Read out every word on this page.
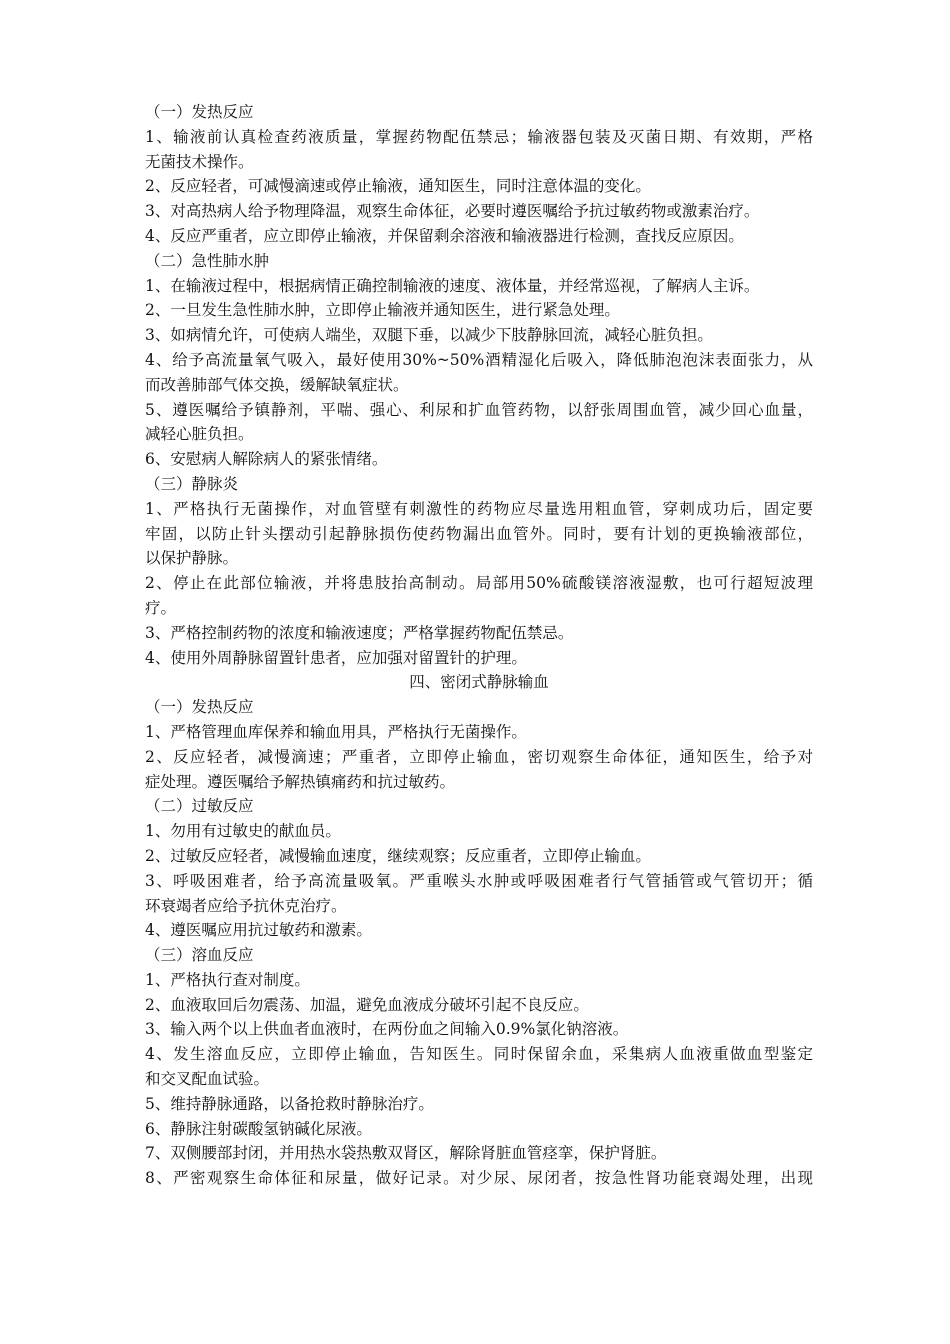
（一）发热反应
1、输液前认真检查药液质量，掌握药物配伍禁忌；输液器包装及灭菌日期、有效期，严格
无菌技术操作。
2、反应轻者，可减慢滴速或停止输液，通知医生，同时注意体温的变化。
3、对高热病人给予物理降温，观察生命体征，必要时遵医嘱给予抗过敏药物或激素治疗。
4、反应严重者，应立即停止输液，并保留剩余溶液和输液器进行检测，查找反应原因。
（二）急性肺水肿
1、在输液过程中，根据病情正确控制输液的速度、液体量，并经常巡视，了解病人主诉。
2、一旦发生急性肺水肿，立即停止输液并通知医生，进行紧急处理。
3、如病情允许，可使病人端坐，双腿下垂，以减少下肢静脉回流，减轻心脏负担。
4、给予高流量氧气吸入，最好使用30%~50%酒精湿化后吸入，降低肺泡泡沫表面张力，从
而改善肺部气体交换，缓解缺氧症状。
5、遵医嘱给予镇静剂，平喘、强心、利尿和扩血管药物，以舒张周围血管，减少回心血量，
减轻心脏负担。
6、安慰病人解除病人的紧张情绪。
（三）静脉炎
1、严格执行无菌操作，对血管壁有刺激性的药物应尽量选用粗血管，穿刺成功后，固定要
牢固，以防止针头摆动引起静脉损伤使药物漏出血管外。同时，要有计划的更换输液部位，
以保护静脉。
2、停止在此部位输液，并将患肢抬高制动。局部用50%硫酸镁溶液湿敷，也可行超短波理
疗。
3、严格控制药物的浓度和输液速度；严格掌握药物配伍禁忌。
4、使用外周静脉留置针患者，应加强对留置针的护理。
四、密闭式静脉输血
（一）发热反应
1、严格管理血库保养和输血用具，严格执行无菌操作。
2、反应轻者，减慢滴速；严重者，立即停止输血，密切观察生命体征，通知医生，给予对
症处理。遵医嘱给予解热镇痛药和抗过敏药。
（二）过敏反应
1、勿用有过敏史的献血员。
2、过敏反应轻者，减慢输血速度，继续观察；反应重者，立即停止输血。
3、呼吸困难者，给予高流量吸氧。严重喉头水肿或呼吸困难者行气管插管或气管切开；循
环衰竭者应给予抗休克治疗。
4、遵医嘱应用抗过敏药和激素。
（三）溶血反应
1、严格执行查对制度。
2、血液取回后勿震荡、加温，避免血液成分破坏引起不良反应。
3、输入两个以上供血者血液时，在两份血之间输入0.9%氯化钠溶液。
4、发生溶血反应，立即停止输血，告知医生。同时保留余血，采集病人血液重做血型鉴定
和交叉配血试验。
5、维持静脉通路，以备抢救时静脉治疗。
6、静脉注射碳酸氢钠碱化尿液。
7、双侧腰部封闭，并用热水袋热敷双肾区，解除肾脏血管痉挛，保护肾脏。
8、严密观察生命体征和尿量，做好记录。对少尿、尿闭者，按急性肾功能衰竭处理，出现
